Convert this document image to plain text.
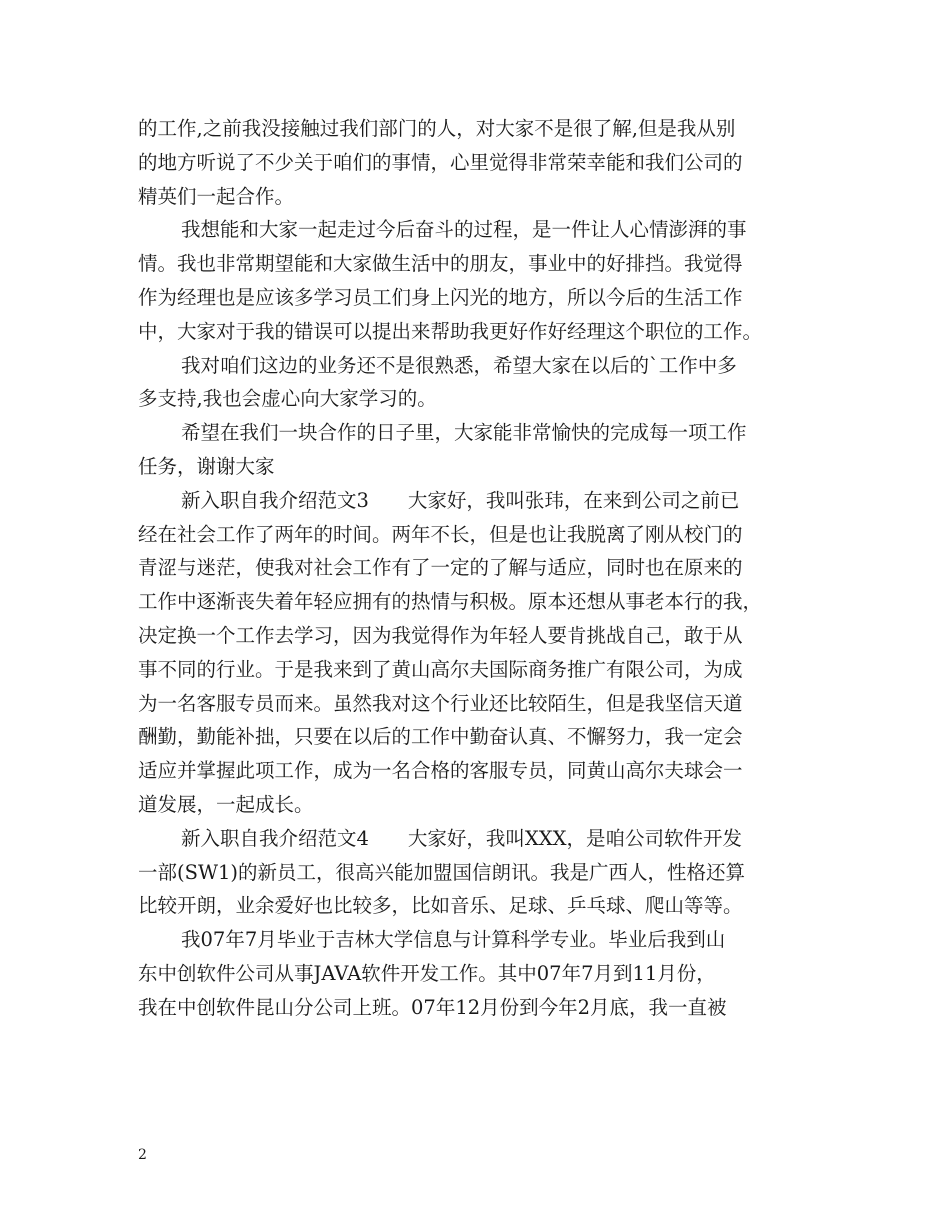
的工作,之前我没接触过我们部门的人，对大家不是很了解,但是我从别
的地方听说了不少关于咱们的事情，心里觉得非常荣幸能和我们公司的
精英们一起合作。
我想能和大家一起走过今后奋斗的过程，是一件让人心情澎湃的事
情。我也非常期望能和大家做生活中的朋友，事业中的好排挡。我觉得
作为经理也是应该多学习员工们身上闪光的地方，所以今后的生活工作
中，大家对于我的错误可以提出来帮助我更好作好经理这个职位的工作。
我对咱们这边的业务还不是很熟悉，希望大家在以后的`工作中多
多支持,我也会虚心向大家学习的。
希望在我们一块合作的日子里，大家能非常愉快的完成每一项工作
任务，谢谢大家
新入职自我介绍范文3　　大家好，我叫张玮，在来到公司之前已
经在社会工作了两年的时间。两年不长，但是也让我脱离了刚从校门的
青涩与迷茫，使我对社会工作有了一定的了解与适应，同时也在原来的
工作中逐渐丧失着年轻应拥有的热情与积极。原本还想从事老本行的我，
决定换一个工作去学习，因为我觉得作为年轻人要肯挑战自己，敢于从
事不同的行业。于是我来到了黄山高尔夫国际商务推广有限公司，为成
为一名客服专员而来。虽然我对这个行业还比较陌生，但是我坚信天道
酬勤，勤能补拙，只要在以后的工作中勤奋认真、不懈努力，我一定会
适应并掌握此项工作，成为一名合格的客服专员，同黄山高尔夫球会一
道发展，一起成长。
新入职自我介绍范文4　　大家好，我叫XXX，是咱公司软件开发
一部(SW1)的新员工，很高兴能加盟国信朗讯。我是广西人，性格还算
比较开朗，业余爱好也比较多，比如音乐、足球、乒乓球、爬山等等。
我07年7月毕业于吉林大学信息与计算科学专业。毕业后我到山
东中创软件公司从事JAVA软件开发工作。其中07年7月到11月份，
我在中创软件昆山分公司上班。07年12月份到今年2月底，我一直被
2
